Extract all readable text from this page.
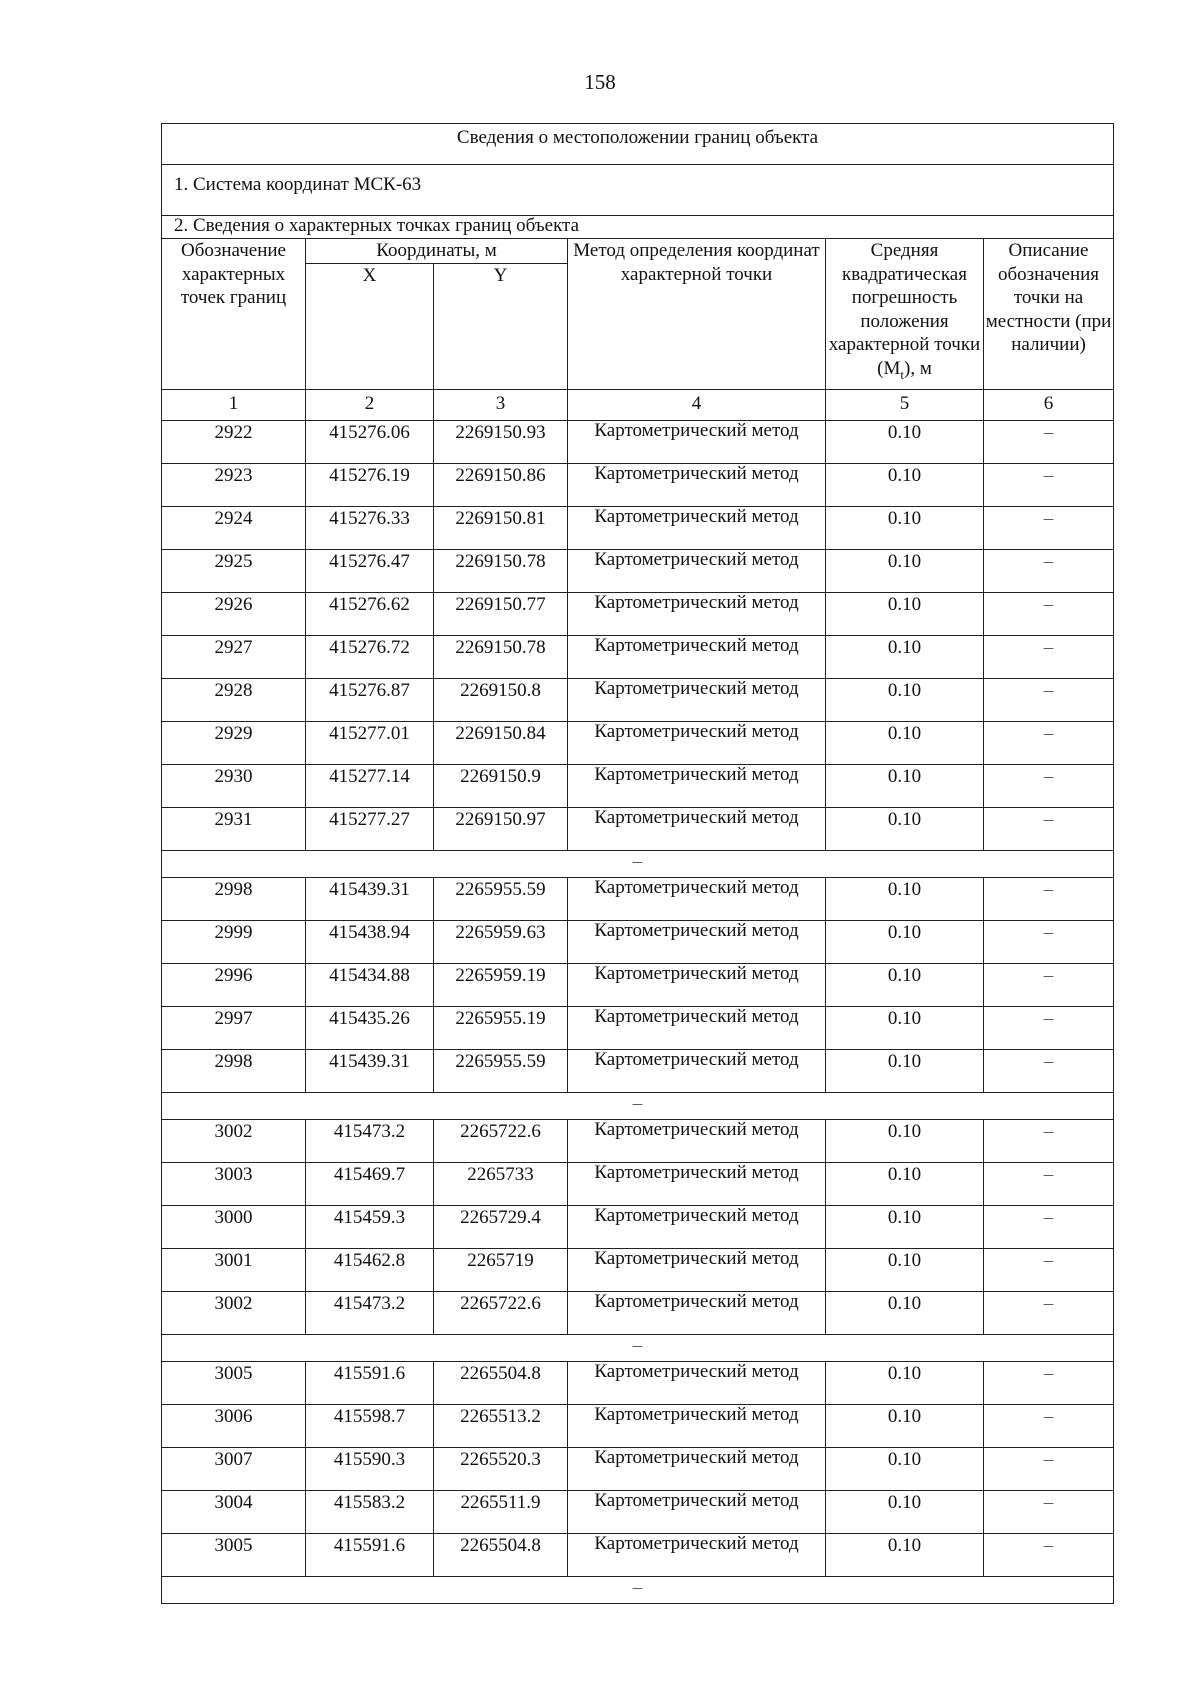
158
Сведения о местоположении границ объекта					
1. Система координат МСК-63					
2. Сведения о характерных точках границ объекта					
Обозначение характерных точек границ	Координаты, м		Метод определения координат характерной точки	Средняя квадратическая погрешность положения характерной точки $(M_t)$, м	Описание обозначения точки на местности (при наличии)
	X	Y			
1	2	3	4	5	6
2922	415276.06	2269150.93	Картометрический метод	0.10	–
2923	415276.19	2269150.86	Картометрический метод	0.10	–
2924	415276.33	2269150.81	Картометрический метод	0.10	–
2925	415276.47	2269150.78	Картометрический метод	0.10	–
2926	415276.62	2269150.77	Картометрический метод	0.10	–
2927	415276.72	2269150.78	Картометрический метод	0.10	–
2928	415276.87	2269150.8	Картометрический метод	0.10	–
2929	415277.01	2269150.84	Картометрический метод	0.10	–
2930	415277.14	2269150.9	Картометрический метод	0.10	–
2931	415277.27	2269150.97	Картометрический метод	0.10	–
–					
2998	415439.31	2265955.59	Картометрический метод	0.10	–
2999	415438.94	2265959.63	Картометрический метод	0.10	–
2996	415434.88	2265959.19	Картометрический метод	0.10	–
2997	415435.26	2265955.19	Картометрический метод	0.10	–
2998	415439.31	2265955.59	Картометрический метод	0.10	–
–					
3002	415473.2	2265722.6	Картометрический метод	0.10	–
3003	415469.7	2265733	Картометрический метод	0.10	–
3000	415459.3	2265729.4	Картометрический метод	0.10	–
3001	415462.8	2265719	Картометрический метод	0.10	–
3002	415473.2	2265722.6	Картометрический метод	0.10	–
–					
3005	415591.6	2265504.8	Картометрический метод	0.10	–
3006	415598.7	2265513.2	Картометрический метод	0.10	–
3007	415590.3	2265520.3	Картометрический метод	0.10	–
3004	415583.2	2265511.9	Картометрический метод	0.10	–
3005	415591.6	2265504.8	Картометрический метод	0.10	–
–					
